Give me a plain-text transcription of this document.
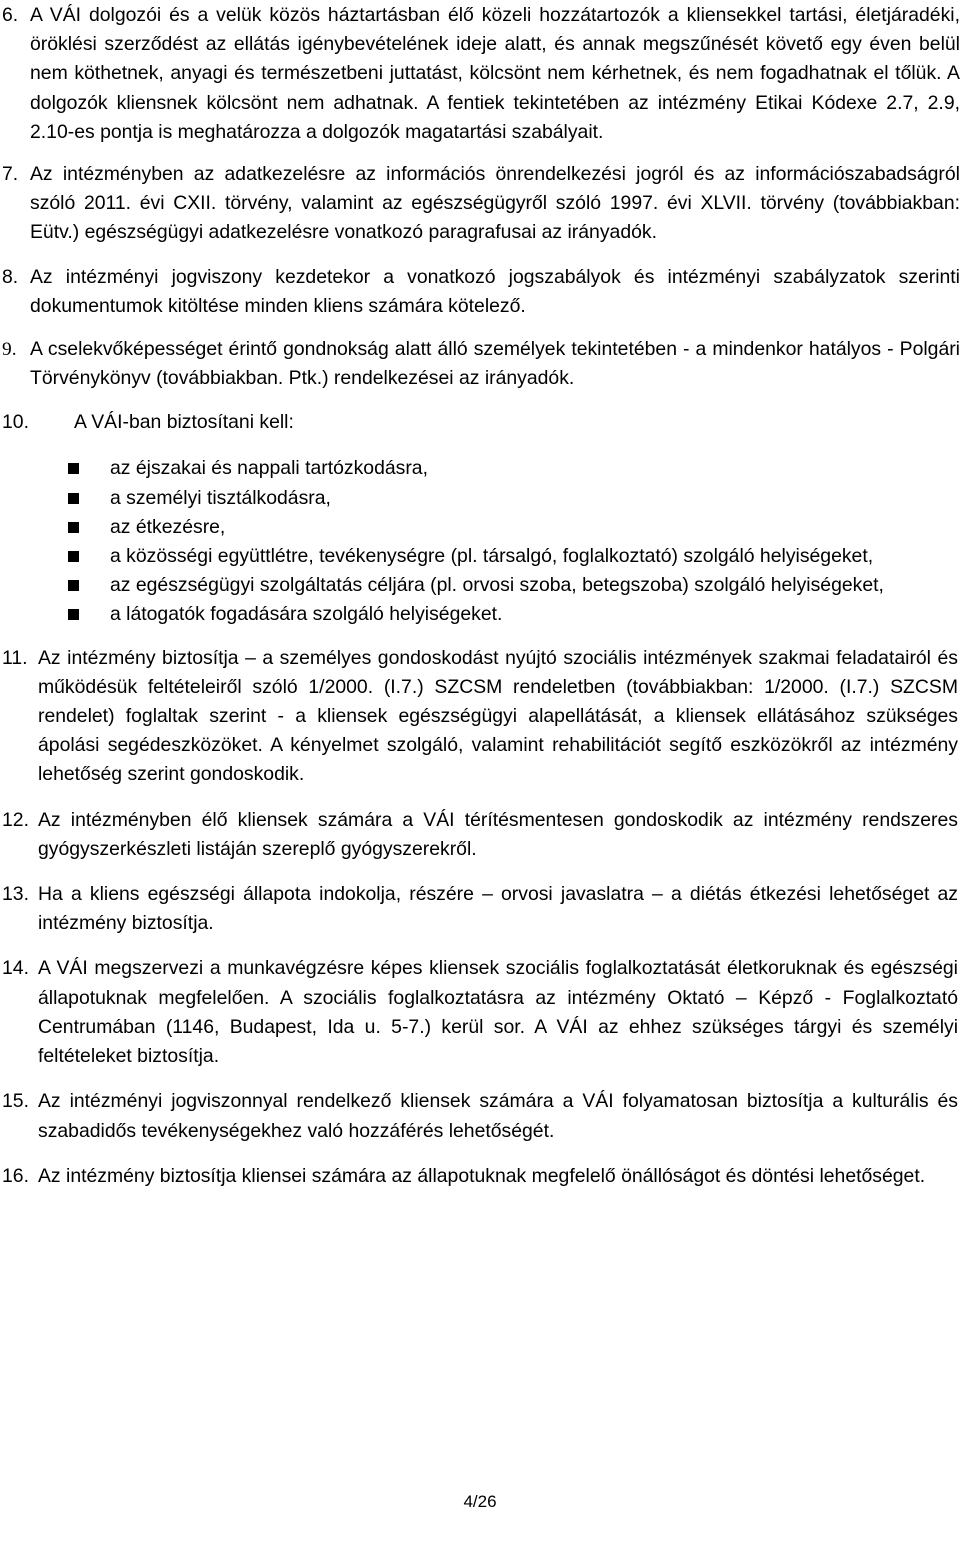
6. A VÁI dolgozói és a velük közös háztartásban élő közeli hozzátartozók a kliensekkel tartási, életjáradéki, öröklési szerződést az ellátás igénybevételének ideje alatt, és annak megszűnését követő egy éven belül nem köthetnek, anyagi és természetbeni juttatást, kölcsönt nem kérhetnek, és nem fogadhatnak el tőlük. A dolgozók kliensnek kölcsönt nem adhatnak. A fentiek tekintetében az intézmény Etikai Kódexe 2.7, 2.9, 2.10-es pontja is meghatározza a dolgozók magatartási szabályait.
7. Az intézményben az adatkezelésre az információs önrendelkezési jogról és az információszabadságról szóló 2011. évi CXII. törvény, valamint az egészségügyről szóló 1997. évi XLVII. törvény (továbbiakban: Eütv.) egészségügyi adatkezelésre vonatkozó paragrafusai az irányadók.
8. Az intézményi jogviszony kezdetekor a vonatkozó jogszabályok és intézményi szabályzatok szerinti dokumentumok kitöltése minden kliens számára kötelező.
9. A cselekvőképességet érintő gondnokság alatt álló személyek tekintetében - a mindenkor hatályos - Polgári Törvénykönyv (továbbiakban. Ptk.) rendelkezései az irányadók.
10. A VÁI-ban biztosítani kell:
az éjszakai és nappali tartózkodásra,
a személyi tisztálkodásra,
az étkezésre,
a közösségi együttlétre, tevékenységre (pl. társalgó, foglalkoztató) szolgáló helyiségeket,
az egészségügyi szolgáltatás céljára (pl. orvosi szoba, betegszoba) szolgáló helyiségeket,
a látogatók fogadására szolgáló helyiségeket.
11. Az intézmény biztosítja – a személyes gondoskodást nyújtó szociális intézmények szakmai feladatairól és működésük feltételeiről szóló 1/2000. (I.7.) SZCSM rendeletben (továbbiakban: 1/2000. (I.7.) SZCSM rendelet) foglaltak szerint - a kliensek egészségügyi alapellátását, a kliensek ellátásához szükséges ápolási segédeszközöket. A kényelmet szolgáló, valamint rehabilitációt segítő eszközökről az intézmény lehetőség szerint gondoskodik.
12. Az intézményben élő kliensek számára a VÁI térítésmentesen gondoskodik az intézmény rendszeres gyógyszerkészleti listáján szereplő gyógyszerekről.
13. Ha a kliens egészségi állapota indokolja, részére – orvosi javaslatra – a diétás étkezési lehetőséget az intézmény biztosítja.
14. A VÁI megszervezi a munkavégzésre képes kliensek szociális foglalkoztatását életkoruknak és egészségi állapotuknak megfelelően. A szociális foglalkoztatásra az intézmény Oktató – Képző - Foglalkoztató Centrumában (1146, Budapest, Ida u. 5-7.) kerül sor. A VÁI az ehhez szükséges tárgyi és személyi feltételeket biztosítja.
15. Az intézményi jogviszonnyal rendelkező kliensek számára a VÁI folyamatosan biztosítja a kulturális és szabadidős tevékenységekhez való hozzáférés lehetőségét.
16. Az intézmény biztosítja kliensei számára az állapotuknak megfelelő önállóságot és döntési lehetőséget.
4/26
